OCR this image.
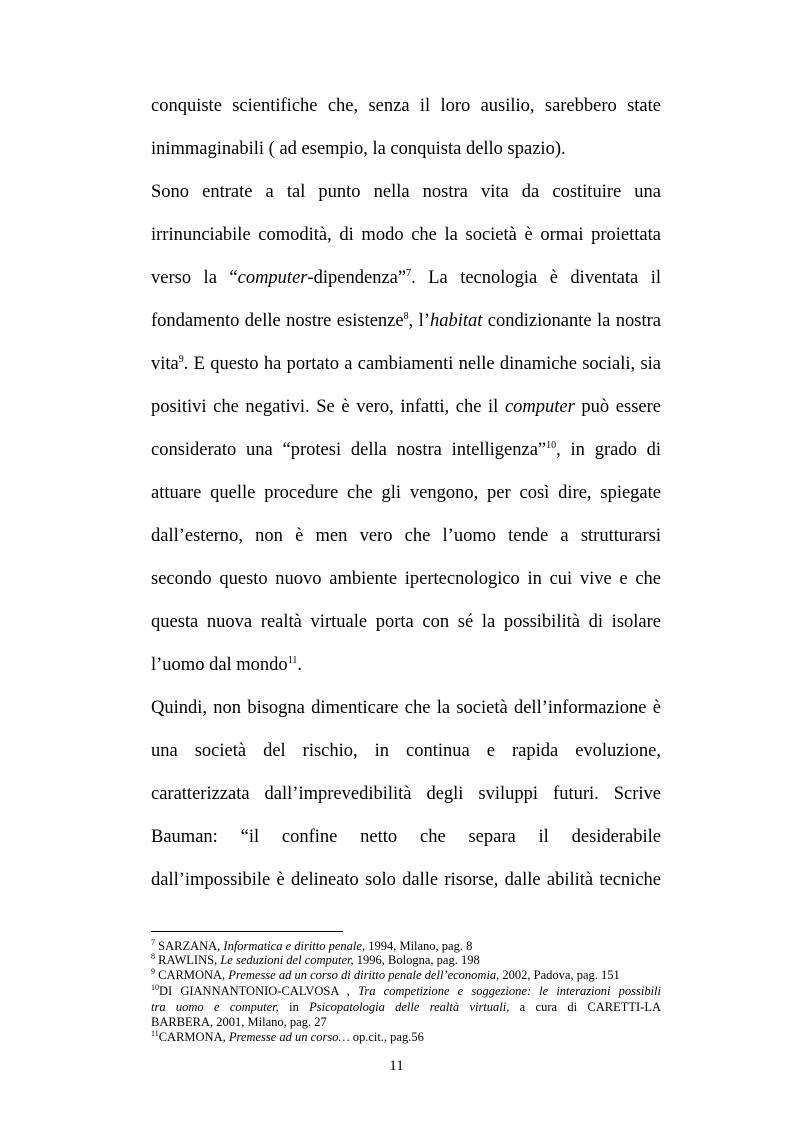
conquiste scientifiche che, senza il loro ausilio, sarebbero state
inimmaginabili ( ad esempio, la conquista dello spazio).
Sono entrate a tal punto nella nostra vita da costituire una
irrinunciabile comodità, di modo che la società è ormai proiettata
verso la “computer-dipendenza”$^7$. La tecnologia è diventata il
fondamento delle nostre esistenze$^8$, l’habitat condizionante la nostra
vita$^9$. E questo ha portato a cambiamenti nelle dinamiche sociali, sia
positivi che negativi. Se è vero, infatti, che il computer può essere
considerato una “protesi della nostra intelligenza”$^{10}$, in grado di
attuare quelle procedure che gli vengono, per così dire, spiegate
dall’esterno, non è men vero che l’uomo tende a strutturarsi
secondo questo nuovo ambiente ipertecnologico in cui vive e che
questa nuova realtà virtuale porta con sé la possibilità di isolare
l’uomo dal mondo$^{11}$.
Quindi, non bisogna dimenticare che la società dell’informazione è
una società del rischio, in continua e rapida evoluzione,
caratterizzata dall’imprevedibilità degli sviluppi futuri. Scrive
Bauman: “il confine netto che separa il desiderabile
dall’impossibile è delineato solo dalle risorse, dalle abilità tecniche
$^7$ SARZANA, Informatica e diritto penale, 1994, Milano, pag. 8
$^8$ RAWLINS, Le seduzioni del computer, 1996, Bologna, pag. 198
$^9$ CARMONA, Premesse ad un corso di diritto penale dell’economia, 2002, Padova, pag. 151
$^{10}$DI GIANNANTONIO-CALVOSA , Tra competizione e soggezione: le interazioni possibili
tra uomo e computer, in Psicopatologia delle realtà virtuali, a cura di CARETTI-LA
BARBERA, 2001, Milano, pag. 27
$^{11}$CARMONA, Premesse ad un corso… op.cit., pag.56
11
